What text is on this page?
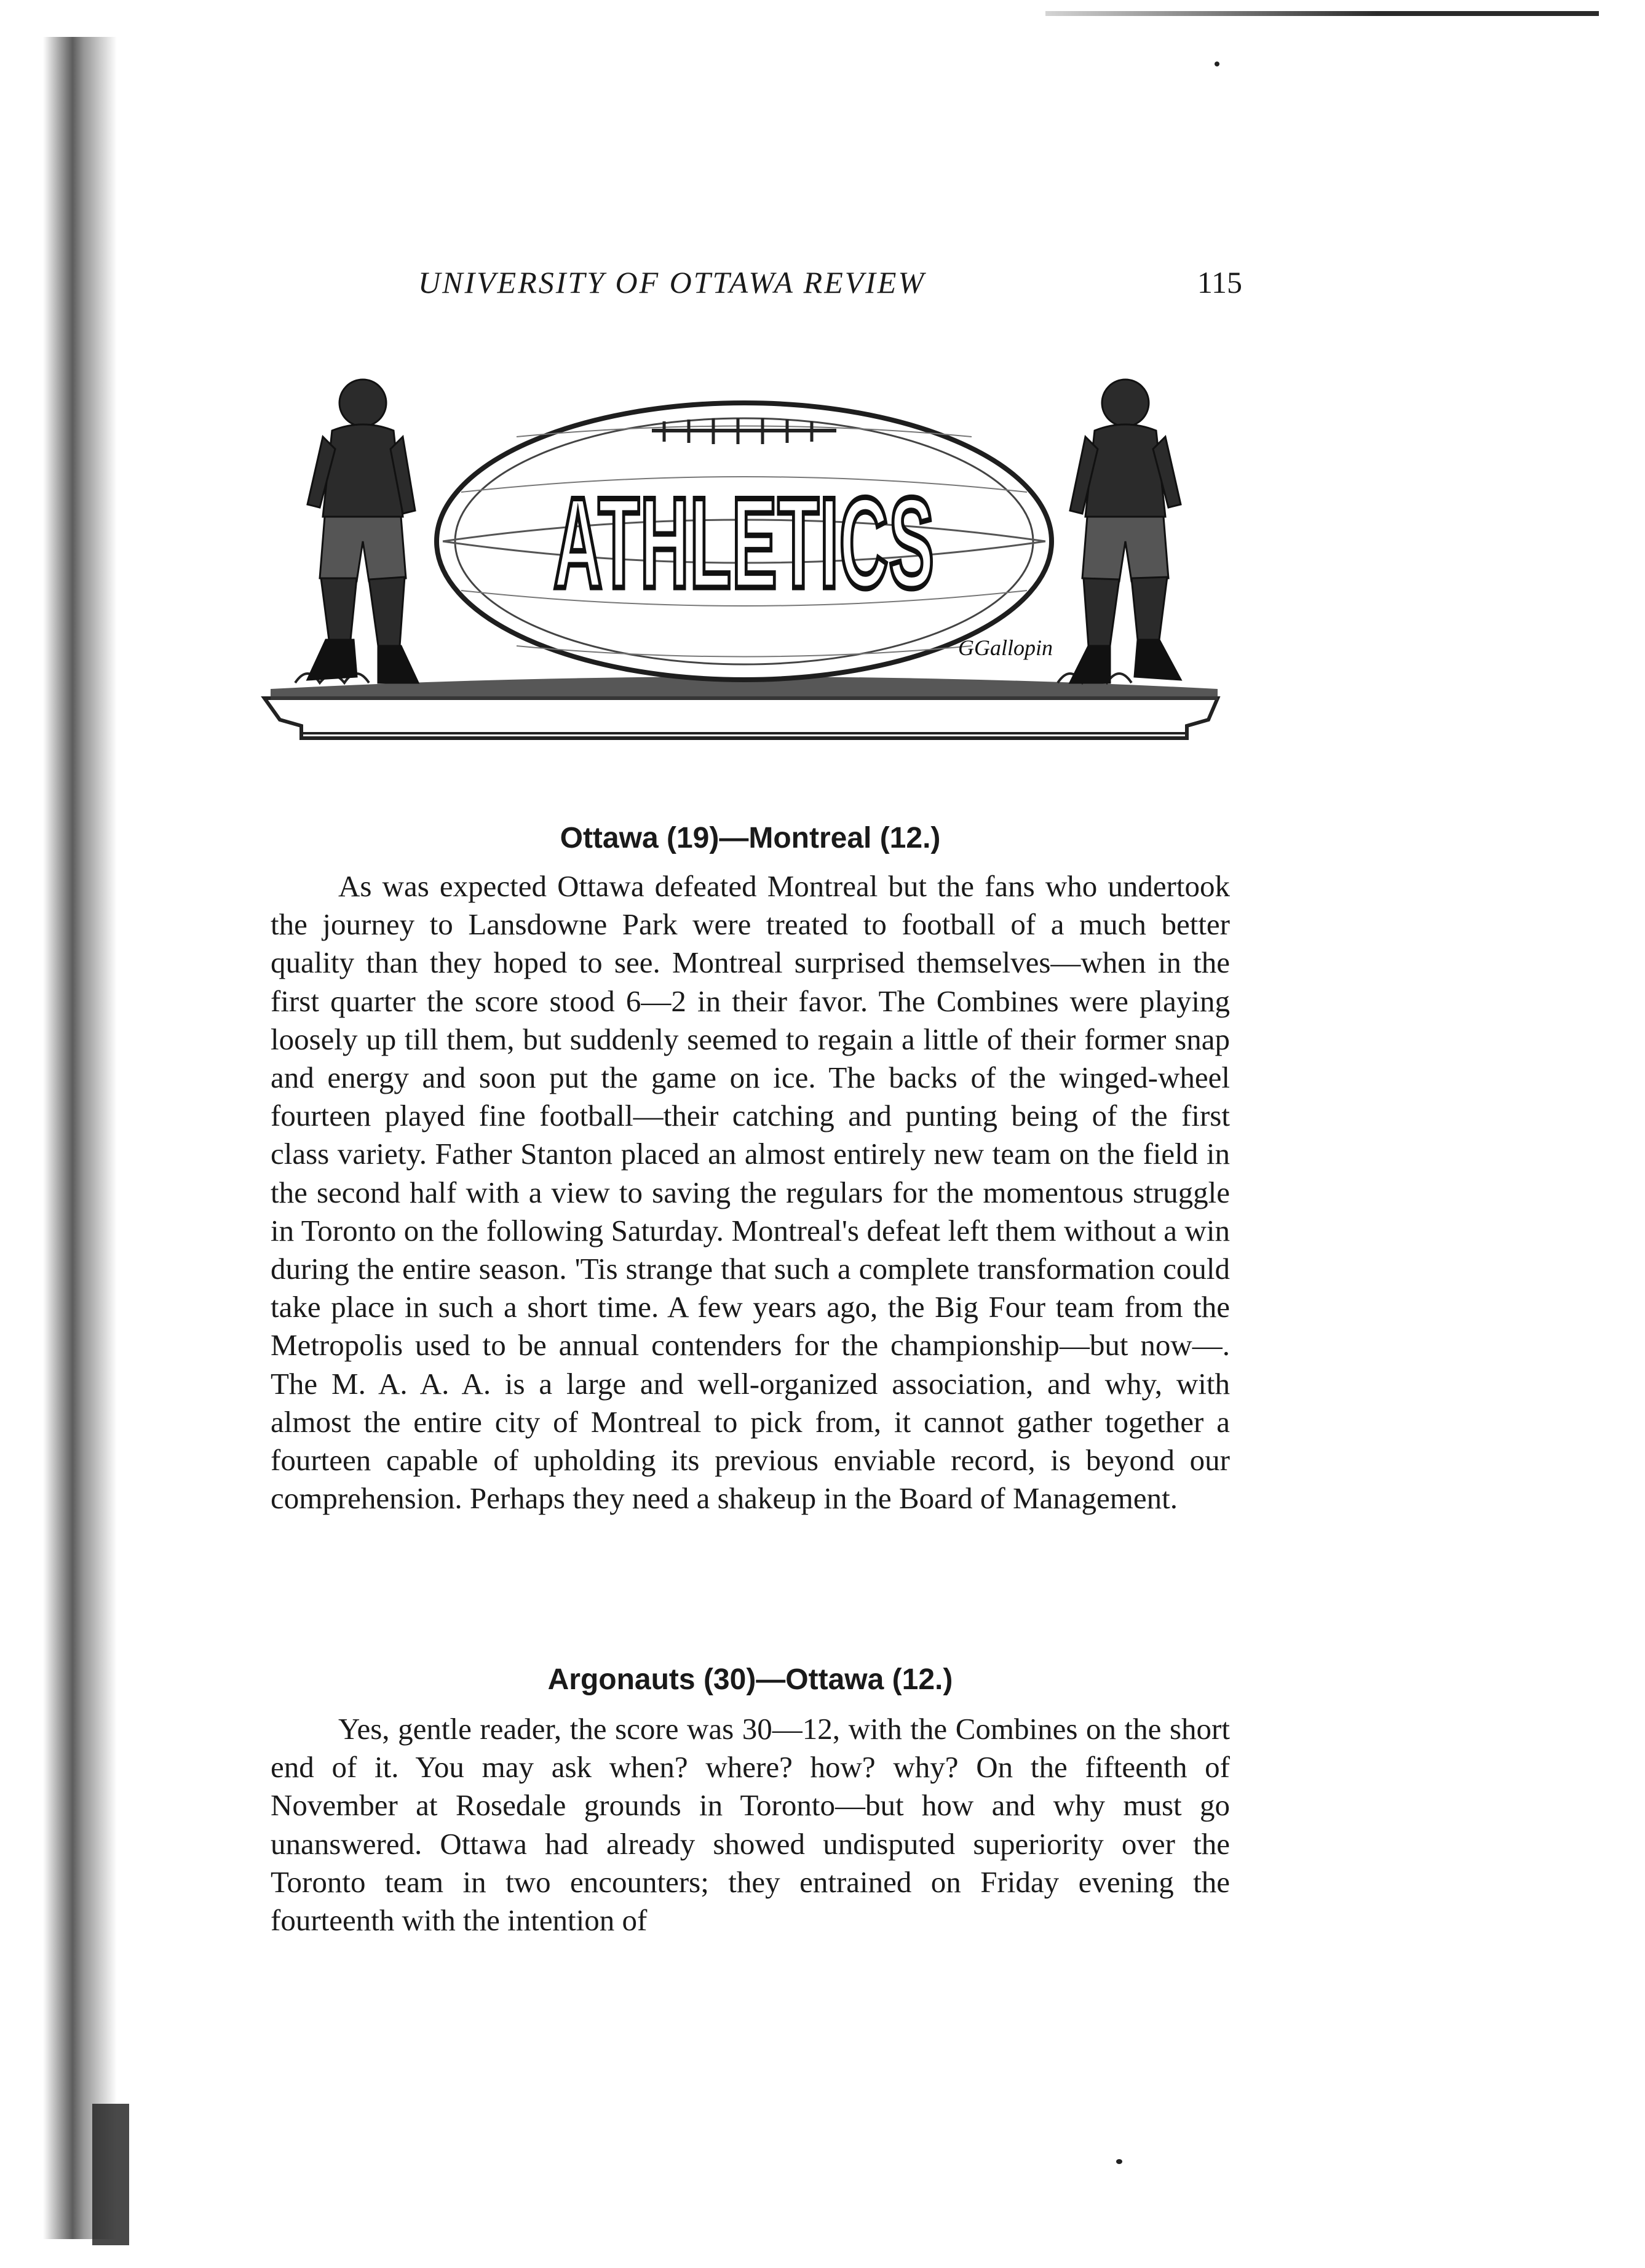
UNIVERSITY OF OTTAWA REVIEW	115
ATHLETICS
GGallopin
Ottawa (19)—Montreal (12.)

As was expected Ottawa defeated Montreal but the fans who undertook the journey to Lansdowne Park were treated to football of a much better quality than they hoped to see. Montreal surprised themselves—when in the first quarter the score stood 6—2 in their favor. The Combines were playing loosely up till them, but suddenly seemed to regain a little of their former snap and energy and soon put the game on ice. The backs of the winged-wheel fourteen played fine football—their catching and punting being of the first class variety. Father Stanton placed an almost entirely new team on the field in the second half with a view to saving the regulars for the momentous struggle in Toronto on the following Saturday. Montreal's defeat left them without a win during the entire season. 'Tis strange that such a complete transformation could take place in such a short time. A few years ago, the Big Four team from the Metropolis used to be annual contenders for the championship—but now—. The M. A. A. A. is a large and well-organized association, and why, with almost the entire city of Montreal to pick from, it cannot gather together a fourteen capable of upholding its previous enviable record, is beyond our comprehension. Perhaps they need a shakeup in the Board of Management.

Argonauts (30)—Ottawa (12.)

Yes, gentle reader, the score was 30—12, with the Combines on the short end of it. You may ask when? where? how? why? On the fifteenth of November at Rosedale grounds in Toronto—but how and why must go unanswered. Ottawa had already showed undisputed superiority over the Toronto team in two encounters; they entrained on Friday evening the fourteenth with the intention of
